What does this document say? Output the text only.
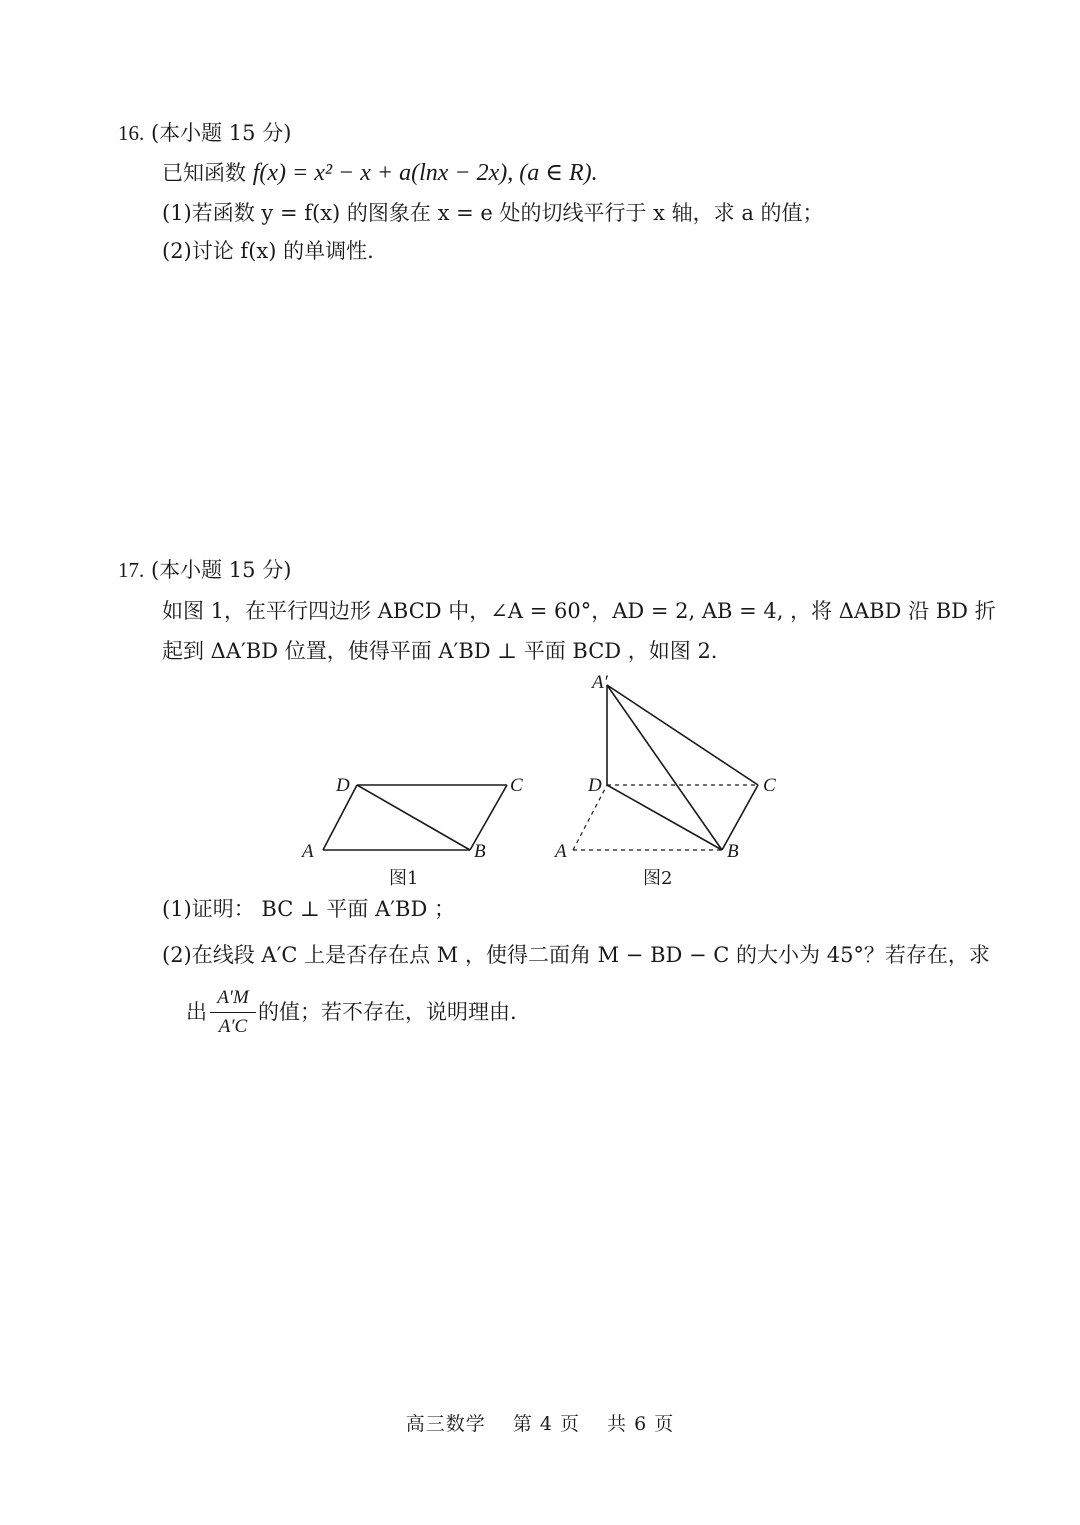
16. (本小题 15 分)
已知函数 f(x) = x² − x + a(lnx − 2x), (a ∈ R).
(1)若函数 y = f(x) 的图象在 x = e 处的切线平行于 x 轴，求 a 的值；
(2)讨论 f(x) 的单调性.
17. (本小题 15 分)
如图 1，在平行四边形 ABCD 中，∠A = 60°，AD = 2, AB = 4, ，将 ΔABD 沿 BD 折
起到 ΔA′BD 位置，使得平面 A′BD ⊥ 平面 BCD ，如图 2.
A	B
C
D
图1
A′
D	C
A	B
图2
(1)证明： BC ⊥ 平面 A′BD ；
(2)在线段 A′C 上是否存在点 M ，使得二面角 M − BD − C 的大小为 45°？若存在，求
出 $\frac{A'M}{A'C}$ 的值；若不存在，说明理由.
高三数学 第 4 页 共 6 页
